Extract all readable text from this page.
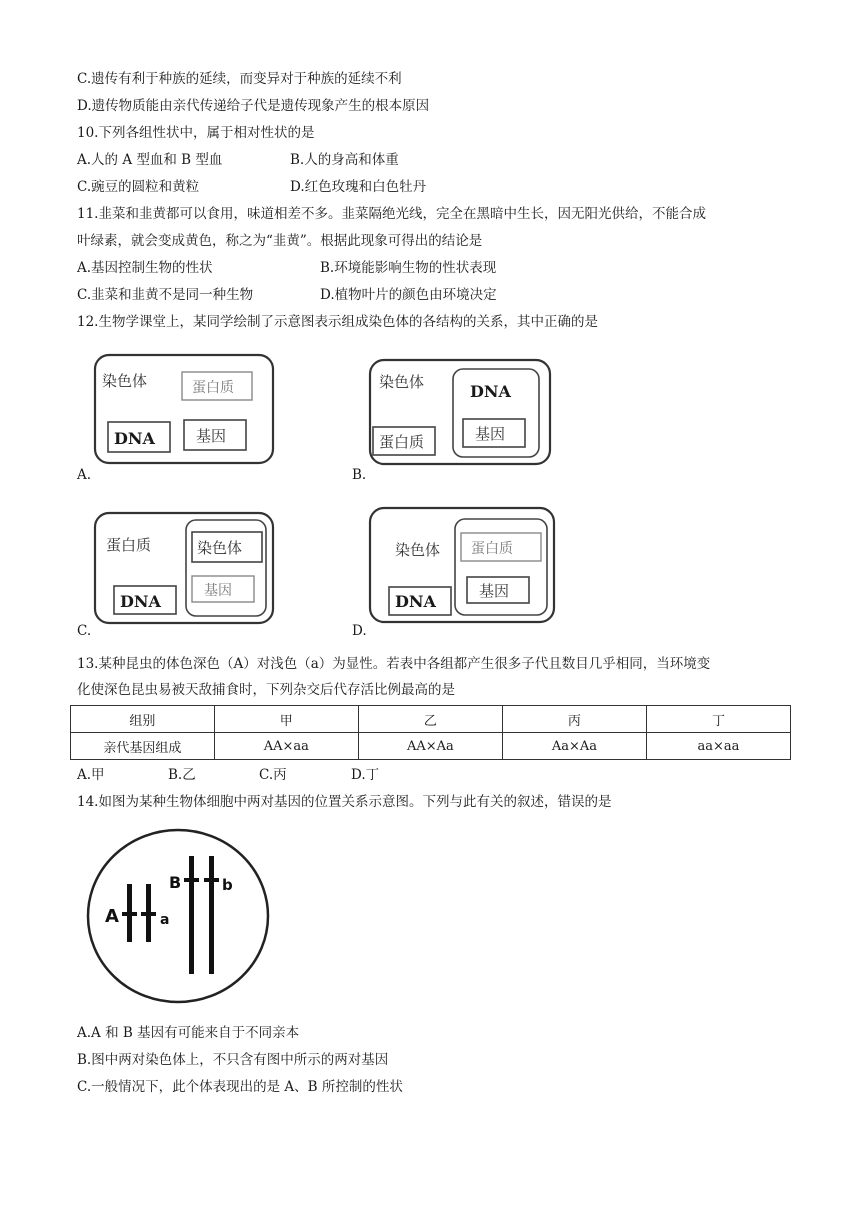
C.遗传有利于种族的延续，而变异对于种族的延续不利
D.遗传物质能由亲代传递给子代是遗传现象产生的根本原因
10.下列各组性状中，属于相对性状的是
A.人的 A 型血和 B 型血	B.人的身高和体重
C.豌豆的圆粒和黄粒	D.红色玫瑰和白色牡丹
11.韭菜和韭黄都可以食用，味道相差不多。韭菜隔绝光线，完全在黑暗中生长，因无阳光供给，不能合成
叶绿素，就会变成黄色，称之为“韭黄”。根据此现象可得出的结论是
A.基因控制生物的性状	B.环境能影响生物的性状表现
C.韭菜和韭黄不是同一种生物	D.植物叶片的颜色由环境决定
12.生物学课堂上，某同学绘制了示意图表示组成染色体的各结构的关系，其中正确的是
染色体	蛋白质
DNA	基因
A.
染色体	DNA
蛋白质	基因
B.
蛋白质	染色体
DNA
基因
C.
染色体 蛋白质
DNA
基因
D.
13.某种昆虫的体色深色（A）对浅色（a）为显性。若表中各组都产生很多子代且数目几乎相同，当环境变
化使深色昆虫易被天敌捕食时，下列杂交后代存活比例最高的是
组别	甲	乙	丙	丁
亲代基因组成	AA×aa	AA×Aa	Aa×Aa	aa×aa
A.甲	B.乙	C.丙	D.丁
14.如图为某种生物体细胞中两对基因的位置关系示意图。下列与此有关的叙述，错误的是
A	a
B	b
A.A 和 B 基因有可能来自于不同亲本
B.图中两对染色体上，不只含有图中所示的两对基因
C.一般情况下，此个体表现出的是 A、B 所控制的性状
